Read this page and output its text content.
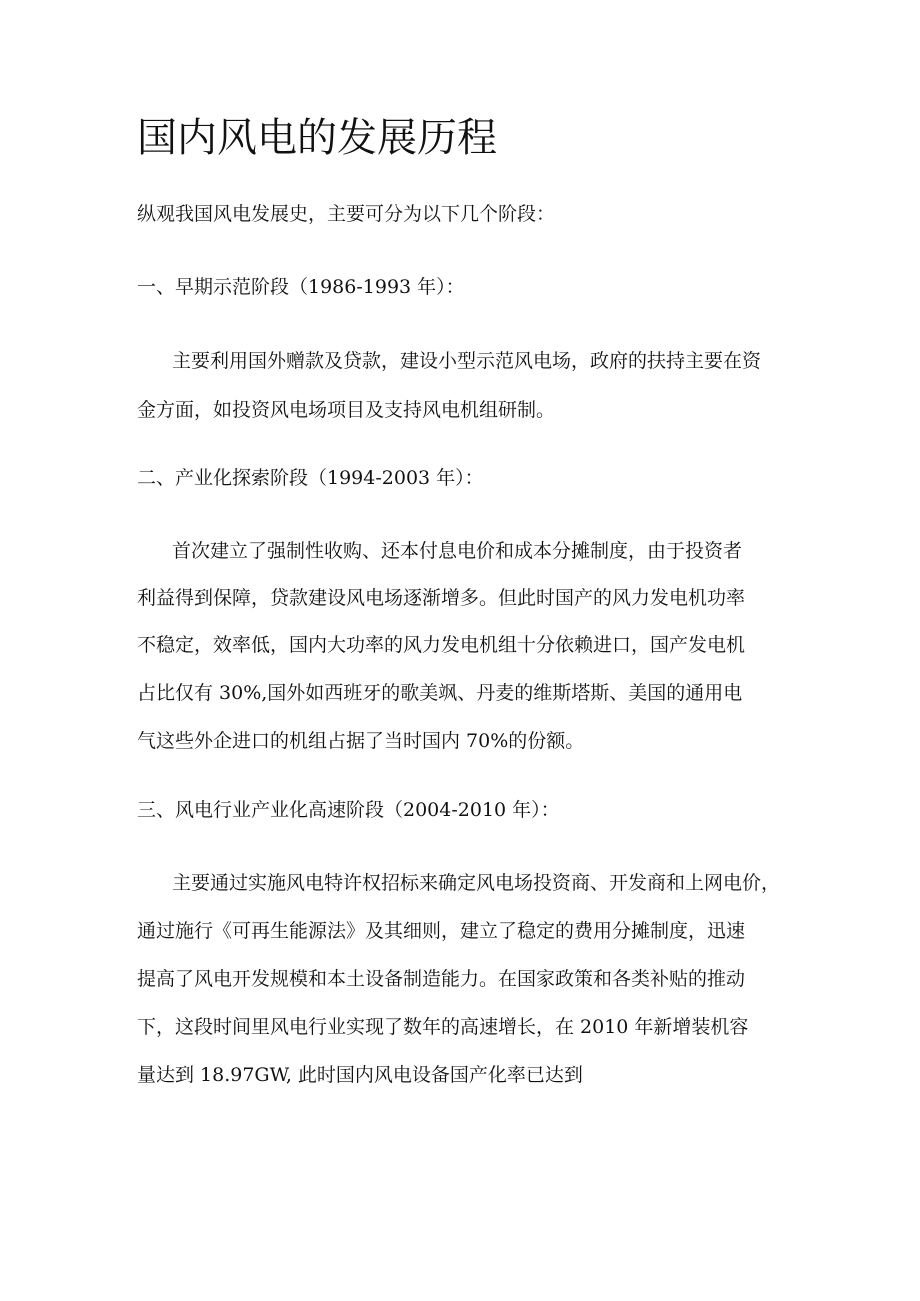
国内风电的发展历程

纵观我国风电发展史，主要可分为以下几个阶段：

一、早期示范阶段（1986-1993 年）：

主要利用国外赠款及贷款，建设小型示范风电场，政府的扶持主要在资

金方面，如投资风电场项目及支持风电机组研制。

二、产业化探索阶段（1994-2003 年）：

首次建立了强制性收购、还本付息电价和成本分摊制度，由于投资者

利益得到保障，贷款建设风电场逐渐增多。但此时国产的风力发电机功率

不稳定，效率低，国内大功率的风力发电机组十分依赖进口，国产发电机

占比仅有 30%,国外如西班牙的歌美飒、丹麦的维斯塔斯、美国的通用电

气这些外企进口的机组占据了当时国内 70%的份额。

三、风电行业产业化高速阶段（2004-2010 年）：

主要通过实施风电特许权招标来确定风电场投资商、开发商和上网电价，

通过施行《可再生能源法》及其细则，建立了稳定的费用分摊制度，迅速

提高了风电开发规模和本土设备制造能力。在国家政策和各类补贴的推动

下，这段时间里风电行业实现了数年的高速增长，在 2010 年新增装机容

量达到 18.97GW, 此时国内风电设备国产化率已达到
